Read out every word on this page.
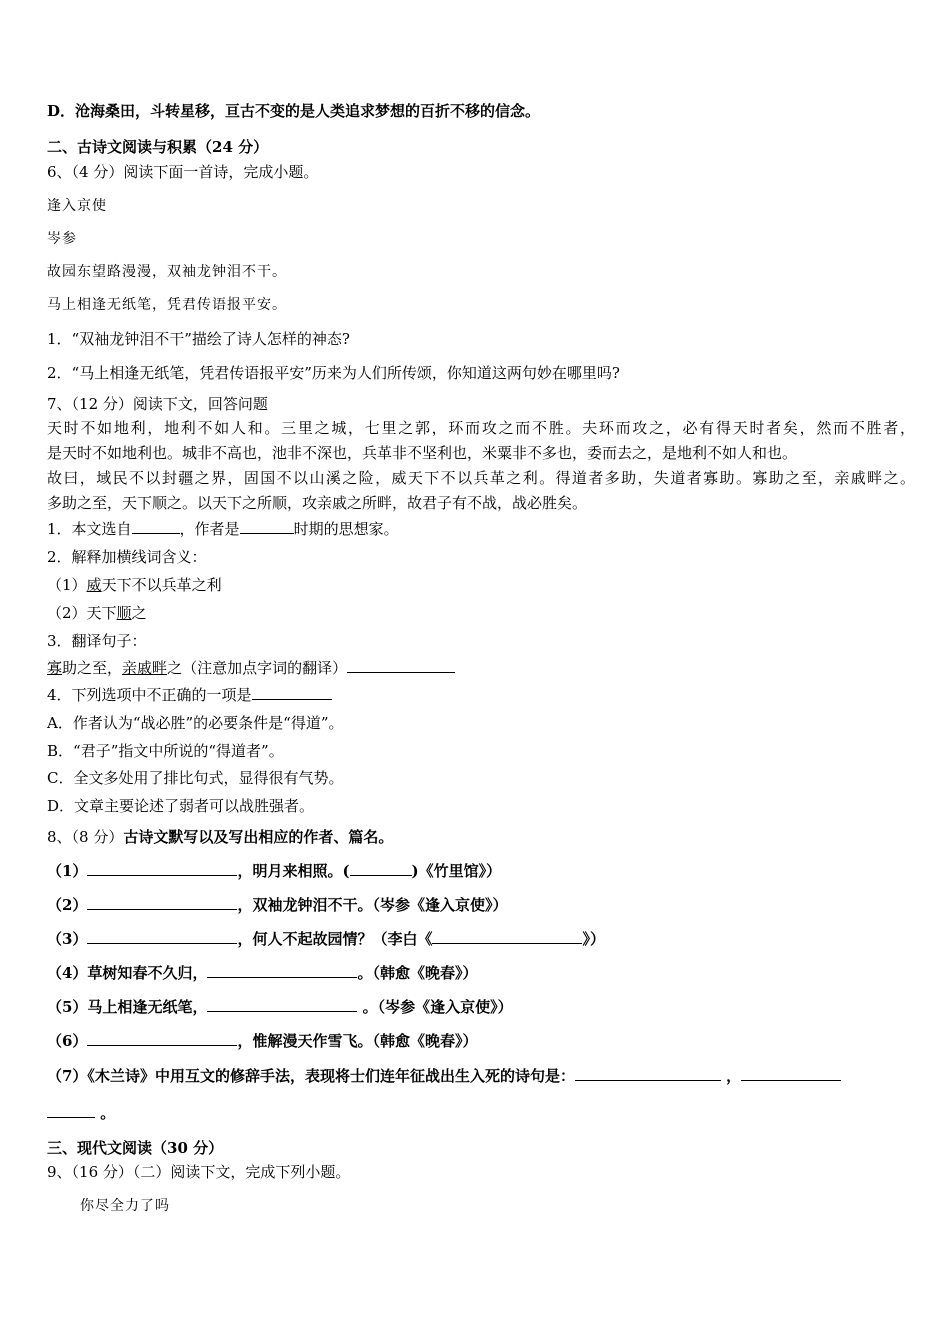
D．沧海桑田，斗转星移，亘古不变的是人类追求梦想的百折不移的信念。
二、古诗文阅读与积累（24 分）
6、（4 分）阅读下面一首诗，完成小题。
逢入京使
岑参
故园东望路漫漫，双袖龙钟泪不干。
马上相逢无纸笔，凭君传语报平安。
1．“双袖龙钟泪不干”描绘了诗人怎样的神态?
2．“马上相逢无纸笔，凭君传语报平安”历来为人们所传颂，你知道这两句妙在哪里吗?
7、（12 分）阅读下文，回答问题
天时不如地利，地利不如人和。三里之城，七里之郭，环而攻之而不胜。夫环而攻之，必有得天时者矣，然而不胜者，
是天时不如地利也。城非不高也，池非不深也，兵革非不坚利也，米粟非不多也，委而去之，是地利不如人和也。
故曰，域民不以封疆之界，固国不以山溪之险，威天下不以兵革之利。得道者多助，失道者寡助。寡助之至，亲戚畔之。
多助之至，天下顺之。以天下之所顺，攻亲戚之所畔，故君子有不战，战必胜矣。
1．本文选自	，作者是	时期的思想家。
2．解释加横线词含义：
（1）威天下不以兵革之利
（2）天下顺之
3．翻译句子：
寡助之至，亲戚畔之（注意加点字词的翻译）
4．下列选项中不正确的一项是
A．作者认为“战必胜”的必要条件是“得道”。
B．“君子”指文中所说的“得道者”。
C．全文多处用了排比句式，显得很有气势。
D．文章主要论述了弱者可以战胜强者。
8、（8 分）古诗文默写以及写出相应的作者、篇名。
（1）	，明月来相照。(	)《竹里馆》）
（2）	，双袖龙钟泪不干。（岑参《逢入京使》）
（3）	，何人不起故园情？（李白《	》）
（4）草树知春不久归，	。（韩愈《晚春》）
（5）马上相逢无纸笔，	。（岑参《逢入京使》）
（6）	，惟解漫天作雪飞。（韩愈《晚春》）
（7）《木兰诗》中用互文的修辞手法，表现将士们连年征战出生入死的诗句是：	，
。
三、现代文阅读（30 分）
9、（16 分）（二）阅读下文，完成下列小题。
你尽全力了吗
